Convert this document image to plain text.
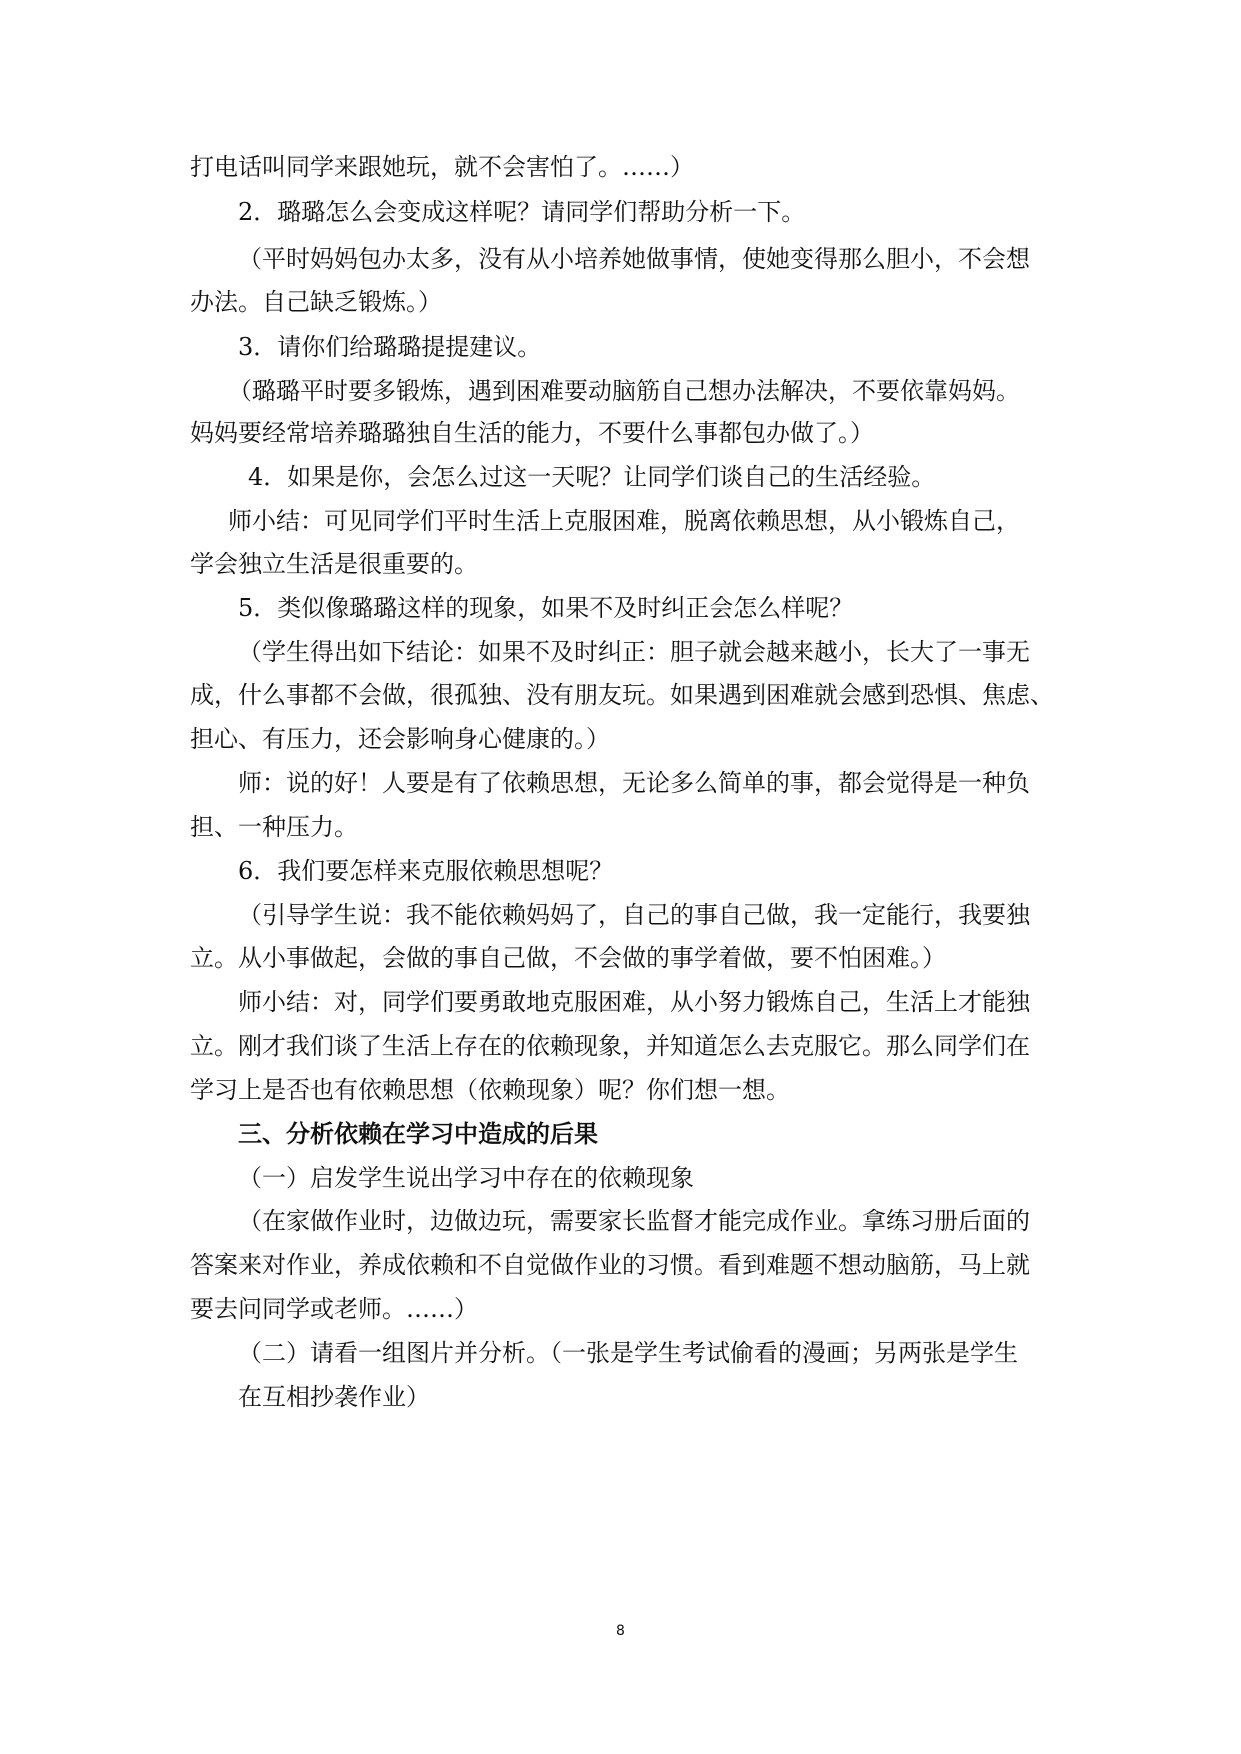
打电话叫同学来跟她玩，就不会害怕了。……）
2．璐璐怎么会变成这样呢？请同学们帮助分析一下。
（平时妈妈包办太多，没有从小培养她做事情，使她变得那么胆小，不会想
办法。自己缺乏锻炼。）
3．请你们给璐璐提提建议。
（璐璐平时要多锻炼，遇到困难要动脑筋自己想办法解决，不要依靠妈妈。
妈妈要经常培养璐璐独自生活的能力，不要什么事都包办做了。）
4．如果是你，会怎么过这一天呢？让同学们谈自己的生活经验。
师小结：可见同学们平时生活上克服困难，脱离依赖思想，从小锻炼自己，
学会独立生活是很重要的。
5．类似像璐璐这样的现象，如果不及时纠正会怎么样呢？
（学生得出如下结论：如果不及时纠正：胆子就会越来越小，长大了一事无
成，什么事都不会做，很孤独、没有朋友玩。如果遇到困难就会感到恐惧、焦虑、
担心、有压力，还会影响身心健康的。）
师：说的好！人要是有了依赖思想，无论多么简单的事，都会觉得是一种负
担、一种压力。
6．我们要怎样来克服依赖思想呢？
（引导学生说：我不能依赖妈妈了，自己的事自己做，我一定能行，我要独
立。从小事做起，会做的事自己做，不会做的事学着做，要不怕困难。）
师小结：对，同学们要勇敢地克服困难，从小努力锻炼自己，生活上才能独
立。刚才我们谈了生活上存在的依赖现象，并知道怎么去克服它。那么同学们在
学习上是否也有依赖思想（依赖现象）呢？你们想一想。
三、分析依赖在学习中造成的后果
（一）启发学生说出学习中存在的依赖现象
（在家做作业时，边做边玩，需要家长监督才能完成作业。拿练习册后面的
答案来对作业，养成依赖和不自觉做作业的习惯。看到难题不想动脑筋，马上就
要去问同学或老师。……）
（二）请看一组图片并分析。（一张是学生考试偷看的漫画；另两张是学生
在互相抄袭作业）
8
